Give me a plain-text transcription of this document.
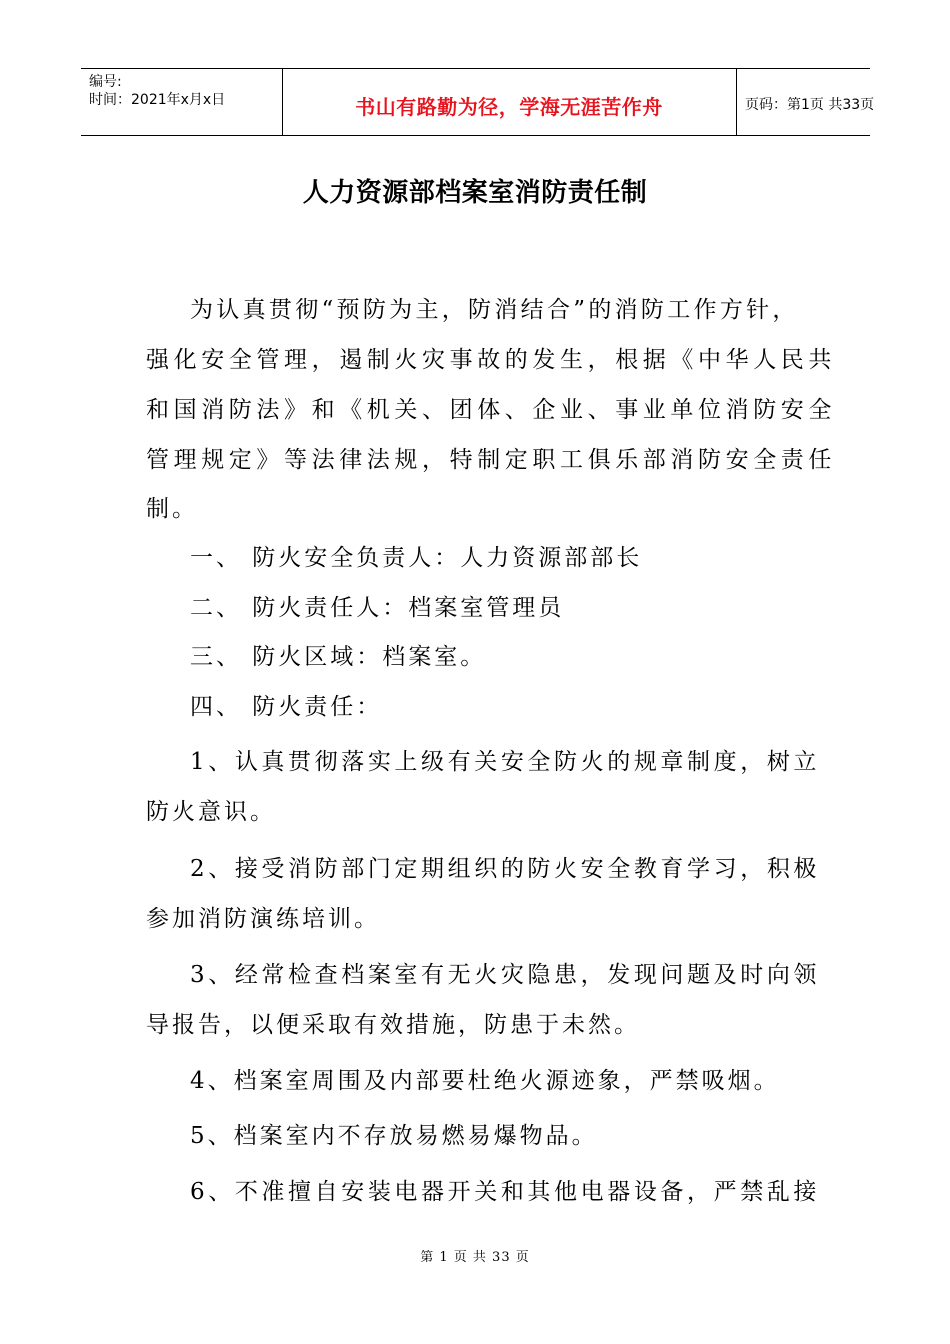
编号:
时间：2021年x月x日	书山有路勤为径，学海无涯苦作舟	页码：第1页 共33页
人力资源部档案室消防责任制
为认真贯彻“预防为主，防消结合”的消防工作方针，
强化安全管理，遏制火灾事故的发生，根据《中华人民共
和国消防法》和《机关、团体、企业、事业单位消防安全
管理规定》等法律法规，特制定职工俱乐部消防安全责任
制。
一、 防火安全负责人：人力资源部部长
二、 防火责任人：档案室管理员
三、 防火区域：档案室。
四、 防火责任：
1、认真贯彻落实上级有关安全防火的规章制度，树立
防火意识。
2、接受消防部门定期组织的防火安全教育学习，积极
参加消防演练培训。
3、经常检查档案室有无火灾隐患，发现问题及时向领
导报告，以便采取有效措施，防患于未然。
4、档案室周围及内部要杜绝火源迹象，严禁吸烟。
5、档案室内不存放易燃易爆物品。
6、不准擅自安装电器开关和其他电器设备，严禁乱接
第 1 页 共 33 页
